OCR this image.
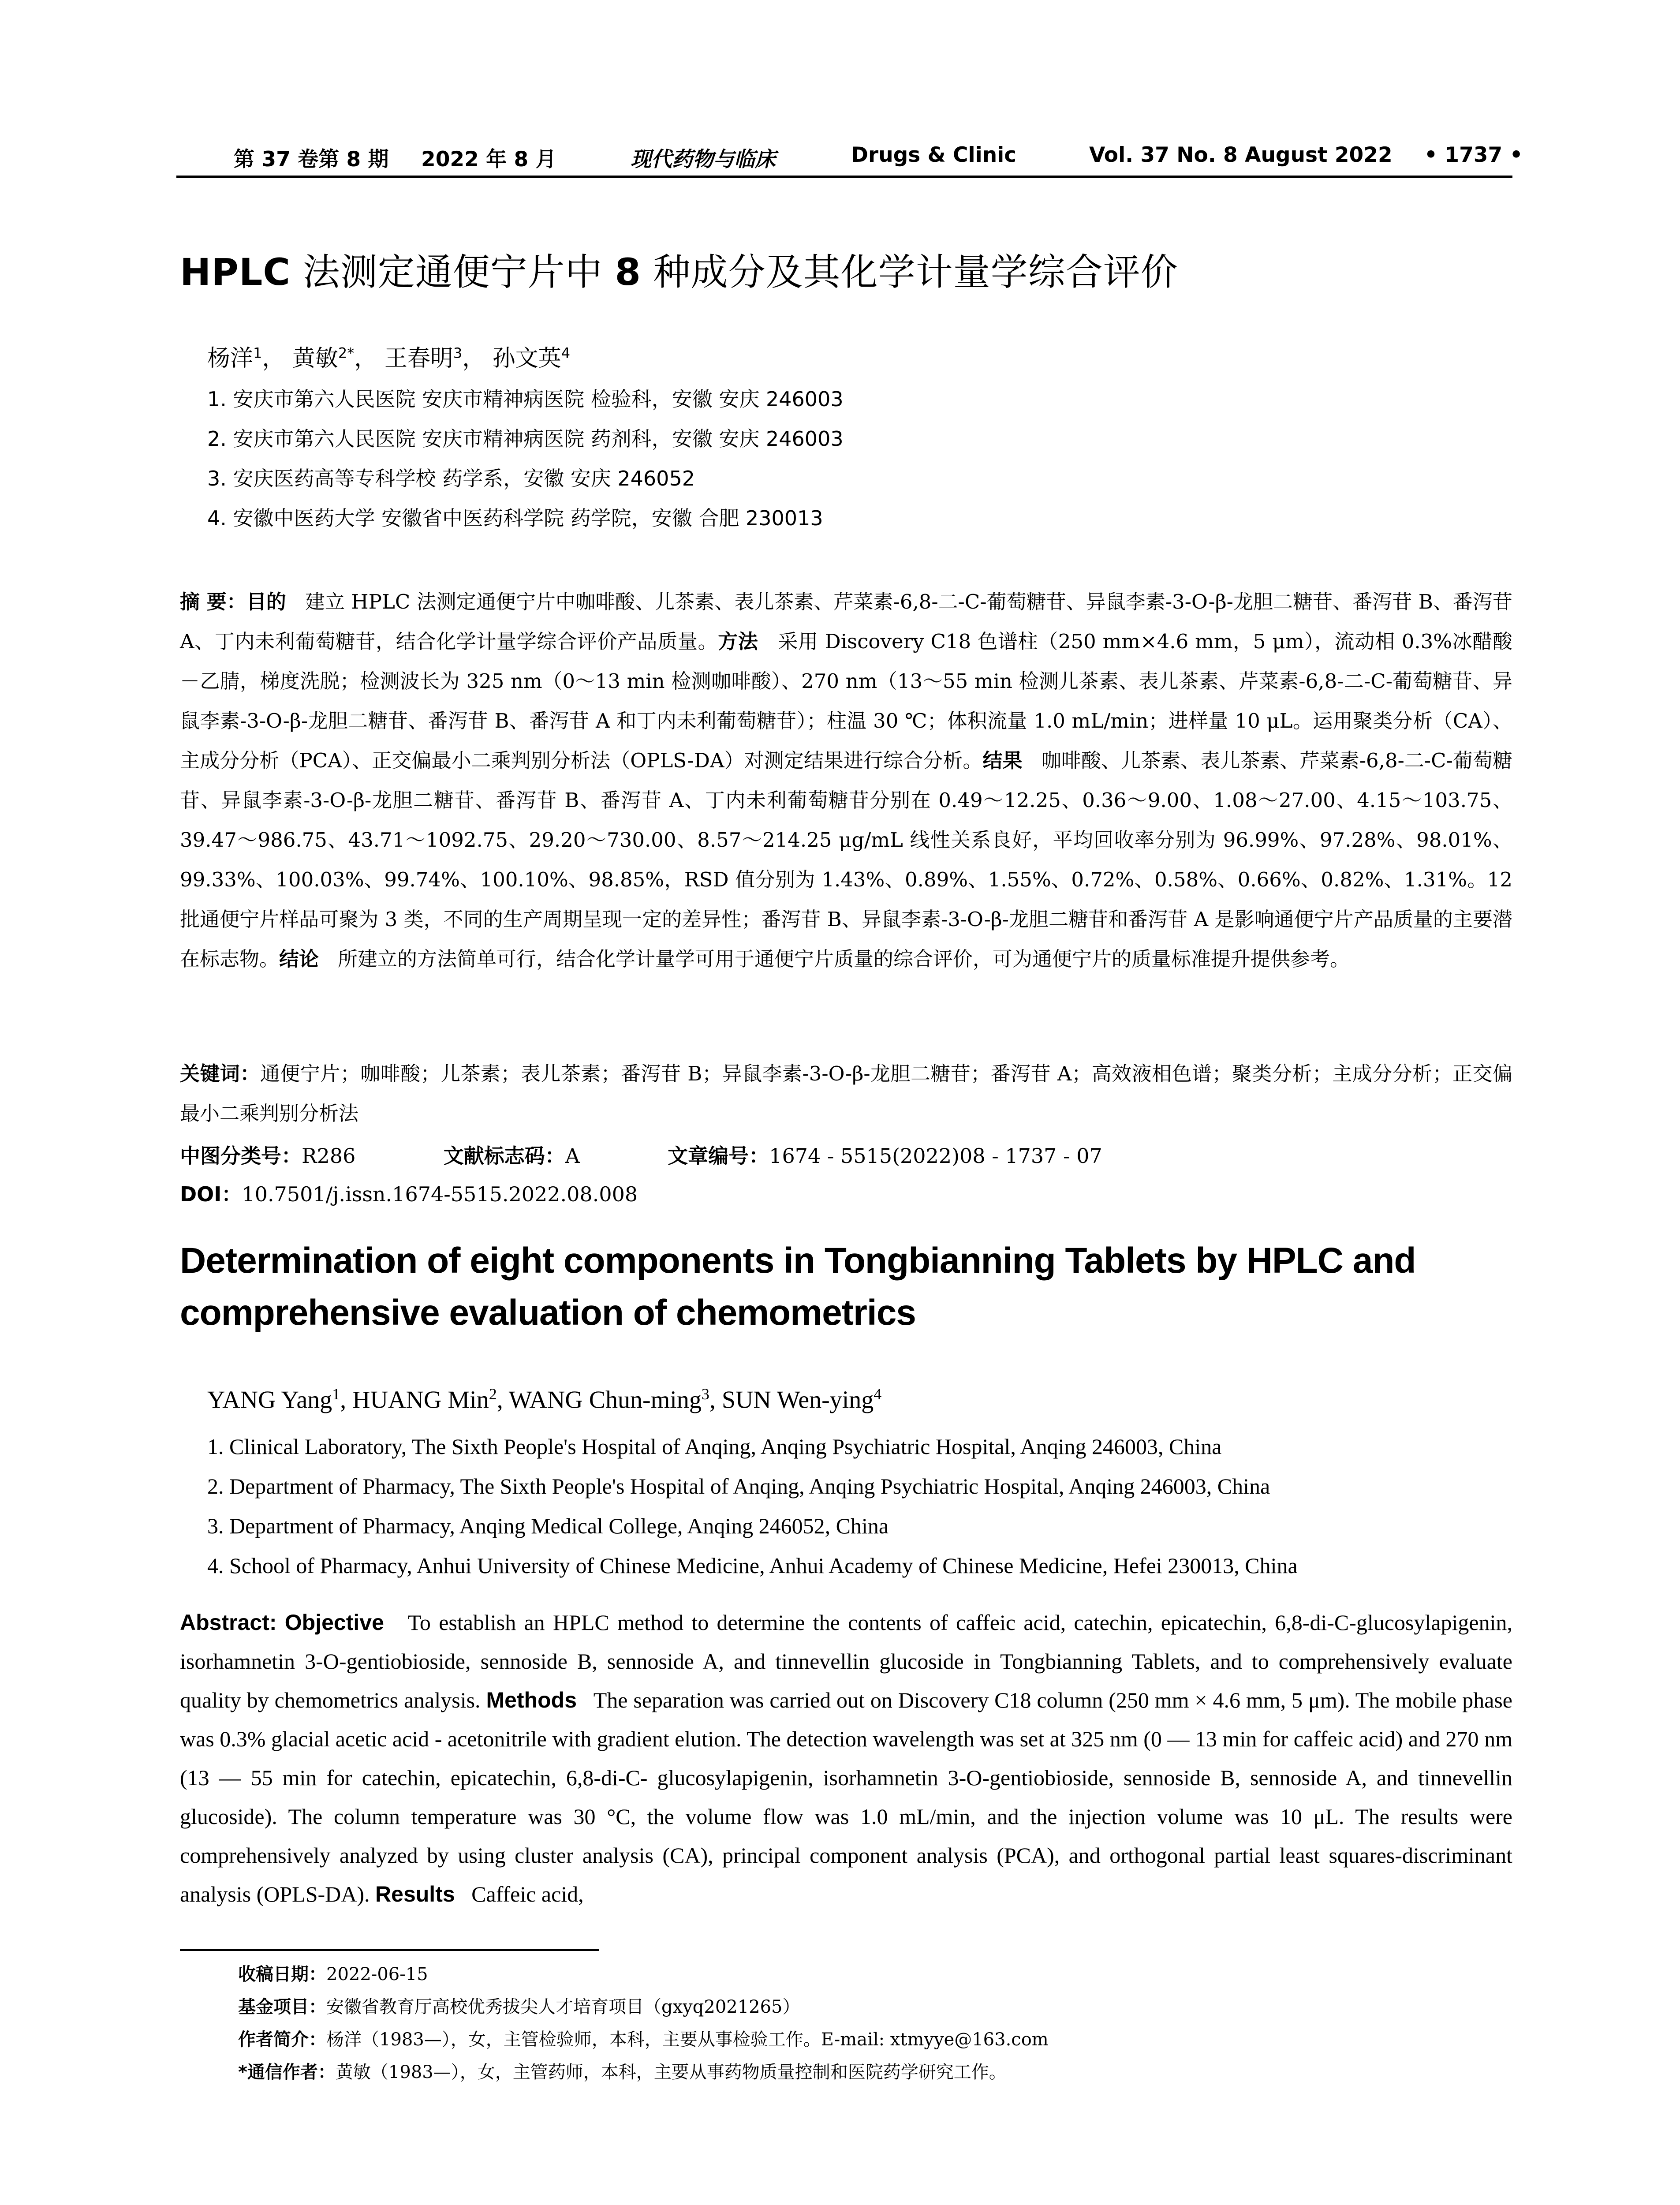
第 37 卷第 8 期 2022 年 8 月	现代药物与临床	Drugs & Clinic	Vol. 37 No. 8 August 2022 • 1737 •
HPLC 法测定通便宁片中 8 种成分及其化学计量学综合评价
杨洋$^1$， 黄敏$^{2*}$， 王春明$^3$， 孙文英$^4$
1. 安庆市第六人民医院 安庆市精神病医院 检验科，安徽 安庆 246003
2. 安庆市第六人民医院 安庆市精神病医院 药剂科，安徽 安庆 246003
3. 安庆医药高等专科学校 药学系，安徽 安庆 246052
4. 安徽中医药大学 安徽省中医药科学院 药学院，安徽 合肥 230013
摘 要：目的 建立 HPLC 法测定通便宁片中咖啡酸、儿茶素、表儿茶素、芹菜素-6,8-二-C-葡萄糖苷、异鼠李素-3-O-β-龙胆二糖苷、番泻苷 B、番泻苷 A、丁内未利葡萄糖苷，结合化学计量学综合评价产品质量。方法 采用 Discovery C18 色谱柱（250 mm×4.6 mm，5 μm），流动相 0.3%冰醋酸－乙腈，梯度洗脱；检测波长为 325 nm（0～13 min 检测咖啡酸）、270 nm（13～55 min 检测儿茶素、表儿茶素、芹菜素-6,8-二-C-葡萄糖苷、异鼠李素-3-O-β-龙胆二糖苷、番泻苷 B、番泻苷 A 和丁内未利葡萄糖苷）；柱温 30 ℃；体积流量 1.0 mL/min；进样量 10 μL。运用聚类分析（CA）、主成分分析（PCA）、正交偏最小二乘判别分析法（OPLS-DA）对测定结果进行综合分析。结果 咖啡酸、儿茶素、表儿茶素、芹菜素-6,8-二-C-葡萄糖苷、异鼠李素-3-O-β-龙胆二糖苷、番泻苷 B、番泻苷 A、丁内未利葡萄糖苷分别在 0.49～12.25、0.36～9.00、1.08～27.00、4.15～103.75、39.47～986.75、43.71～1092.75、29.20～730.00、8.57～214.25 μg/mL 线性关系良好，平均回收率分别为 96.99%、97.28%、98.01%、99.33%、100.03%、99.74%、100.10%、98.85%，RSD 值分别为 1.43%、0.89%、1.55%、0.72%、0.58%、0.66%、0.82%、1.31%。12 批通便宁片样品可聚为 3 类，不同的生产周期呈现一定的差异性；番泻苷 B、异鼠李素-3-O-β-龙胆二糖苷和番泻苷 A 是影响通便宁片产品质量的主要潜在标志物。结论 所建立的方法简单可行，结合化学计量学可用于通便宁片质量的综合评价，可为通便宁片的质量标准提升提供参考。
关键词：通便宁片；咖啡酸；儿茶素；表儿茶素；番泻苷 B；异鼠李素-3-O-β-龙胆二糖苷；番泻苷 A；高效液相色谱；聚类分析；主成分分析；正交偏最小二乘判别分析法
中图分类号：R286	文献标志码：A	文章编号：1674 - 5515(2022)08 - 1737 - 07
DOI：10.7501/j.issn.1674-5515.2022.08.008
Determination of eight components in Tongbianning Tablets by HPLC and comprehensive evaluation of chemometrics
YANG Yang$^1$, HUANG Min$^2$, WANG Chun-ming$^3$, SUN Wen-ying$^4$
1. Clinical Laboratory, The Sixth People's Hospital of Anqing, Anqing Psychiatric Hospital, Anqing 246003, China
2. Department of Pharmacy, The Sixth People's Hospital of Anqing, Anqing Psychiatric Hospital, Anqing 246003, China
3. Department of Pharmacy, Anqing Medical College, Anqing 246052, China
4. School of Pharmacy, Anhui University of Chinese Medicine, Anhui Academy of Chinese Medicine, Hefei 230013, China
Abstract: Objective To establish an HPLC method to determine the contents of caffeic acid, catechin, epicatechin, 6,8-di-C-glucosylapigenin, isorhamnetin 3-O-gentiobioside, sennoside B, sennoside A, and tinnevellin glucoside in Tongbianning Tablets, and to comprehensively evaluate quality by chemometrics analysis. Methods The separation was carried out on Discovery C18 column (250 mm × 4.6 mm, 5 μm). The mobile phase was 0.3% glacial acetic acid - acetonitrile with gradient elution. The detection wavelength was set at 325 nm (0 — 13 min for caffeic acid) and 270 nm (13 — 55 min for catechin, epicatechin, 6,8-di-C- glucosylapigenin, isorhamnetin 3-O-gentiobioside, sennoside B, sennoside A, and tinnevellin glucoside). The column temperature was 30 °C, the volume flow was 1.0 mL/min, and the injection volume was 10 μL. The results were comprehensively analyzed by using cluster analysis (CA), principal component analysis (PCA), and orthogonal partial least squares-discriminant analysis (OPLS-DA). Results Caffeic acid,
收稿日期：2022-06-15
基金项目：安徽省教育厅高校优秀拔尖人才培育项目（gxyq2021265）
作者简介：杨洋（1983—），女，主管检验师，本科，主要从事检验工作。E-mail: xtmyye@163.com
*通信作者：黄敏（1983—），女，主管药师，本科，主要从事药物质量控制和医院药学研究工作。
